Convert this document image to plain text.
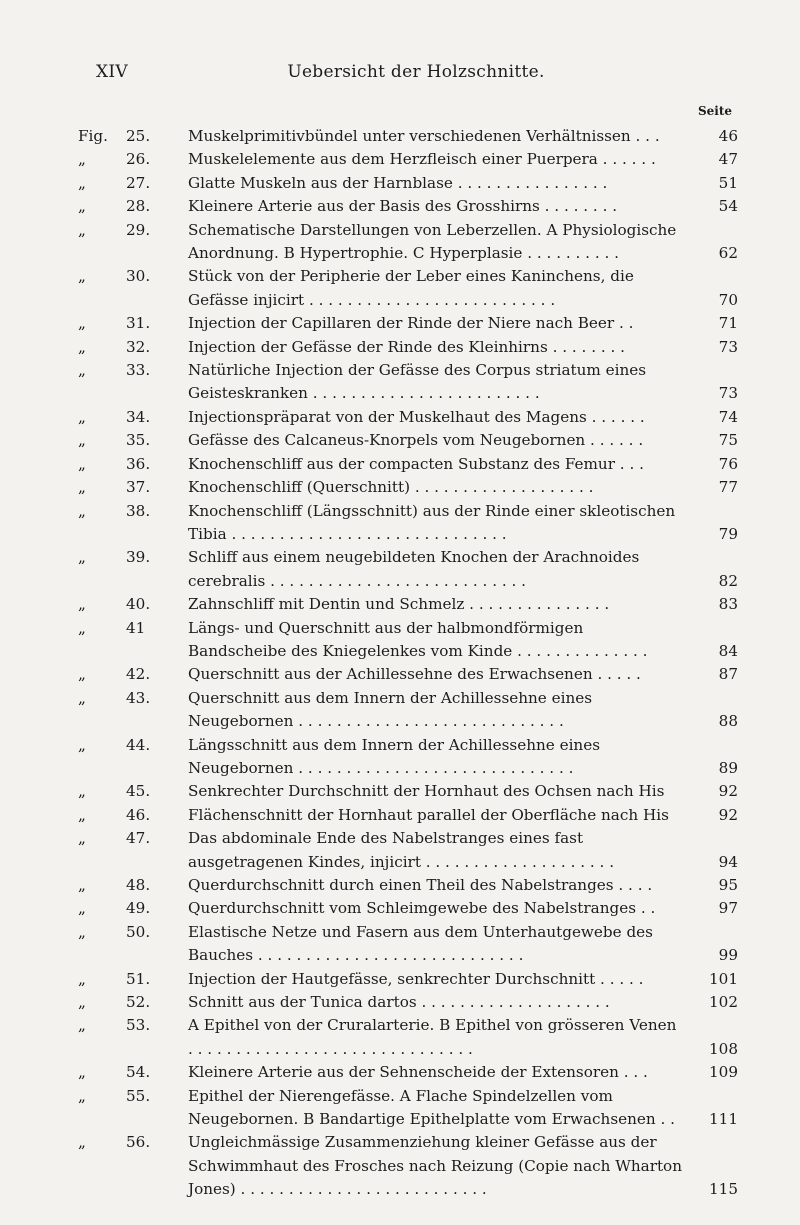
XIV	Uebersicht der Holzschnitte.
Seite
Fig. 25.	Muskelprimitivbündel unter verschiedenen Verhältnissen . . .	46
„	26.	Muskelelemente aus dem Herzfleisch einer Puerpera . . . . . .	47
„	27.	Glatte Muskeln aus der Harnblase . . . . . . . . . . . . . . . .	51
„	28.	Kleinere Arterie aus der Basis des Grosshirns . . . . . . . .	54
„	29.	Schematische Darstellungen von Leberzellen. A Physiologische Anordnung. B Hypertrophie. C Hyperplasie . . . . . . . . . .	62
„	30.	Stück von der Peripherie der Leber eines Kaninchens, die Gefässe injicirt . . . . . . . . . . . . . . . . . . . . . . . . . .	70
„	31.	Injection der Capillaren der Rinde der Niere nach Beer . .	71
„	32.	Injection der Gefässe der Rinde des Kleinhirns . . . . . . . .	73
„	33.	Natürliche Injection der Gefässe des Corpus striatum eines Geisteskranken . . . . . . . . . . . . . . . . . . . . . . . .	73
„	34.	Injectionspräparat von der Muskelhaut des Magens . . . . . .	74
„	35.	Gefässe des Calcaneus-Knorpels vom Neugebornen . . . . . .	75
„	36.	Knochenschliff aus der compacten Substanz des Femur . . .	76
„	37.	Knochenschliff (Querschnitt) . . . . . . . . . . . . . . . . . . .	77
„	38.	Knochenschliff (Längsschnitt) aus der Rinde einer skleotischen Tibia . . . . . . . . . . . . . . . . . . . . . . . . . . . . .	79
„	39.	Schliff aus einem neugebildeten Knochen der Arachnoides cerebralis . . . . . . . . . . . . . . . . . . . . . . . . . . .	82
„	40.	Zahnschliff mit Dentin und Schmelz . . . . . . . . . . . . . . .	83
„	41	Längs- und Querschnitt aus der halbmondförmigen Bandscheibe des Kniegelenkes vom Kinde . . . . . . . . . . . . . .	84
„	42.	Querschnitt aus der Achillessehne des Erwachsenen . . . . .	87
„	43.	Querschnitt aus dem Innern der Achillessehne eines Neugebornen . . . . . . . . . . . . . . . . . . . . . . . . . . . .	88
„	44.	Längsschnitt aus dem Innern der Achillessehne eines Neugebornen . . . . . . . . . . . . . . . . . . . . . . . . . . . . .	89
„	45.	Senkrechter Durchschnitt der Hornhaut des Ochsen nach His	92
„	46.	Flächenschnitt der Hornhaut parallel der Oberfläche nach His	92
„	47.	Das abdominale Ende des Nabelstranges eines fast ausgetragenen Kindes, injicirt . . . . . . . . . . . . . . . . . . . .	94
„	48.	Querdurchschnitt durch einen Theil des Nabelstranges . . . .	95
„	49.	Querdurchschnitt vom Schleimgewebe des Nabelstranges . .	97
„	50.	Elastische Netze und Fasern aus dem Unterhautgewebe des Bauches . . . . . . . . . . . . . . . . . . . . . . . . . . . .	99
„	51.	Injection der Hautgefässe, senkrechter Durchschnitt . . . . .	101
„	52.	Schnitt aus der Tunica dartos . . . . . . . . . . . . . . . . . . . .	102
„	53.	A Epithel von der Cruralarterie. B Epithel von grösseren Venen . . . . . . . . . . . . . . . . . . . . . . . . . . . . . .	108
„	54.	Kleinere Arterie aus der Sehnenscheide der Extensoren . . .	109
„	55.	Epithel der Nierengefässe. A Flache Spindelzellen vom Neugebornen. B Bandartige Epithelplatte vom Erwachsenen . .	111
„	56.	Ungleichmässige Zusammenziehung kleiner Gefässe aus der Schwimmhaut des Frosches nach Reizung (Copie nach Wharton Jones) . . . . . . . . . . . . . . . . . . . . . . . . . .	115
